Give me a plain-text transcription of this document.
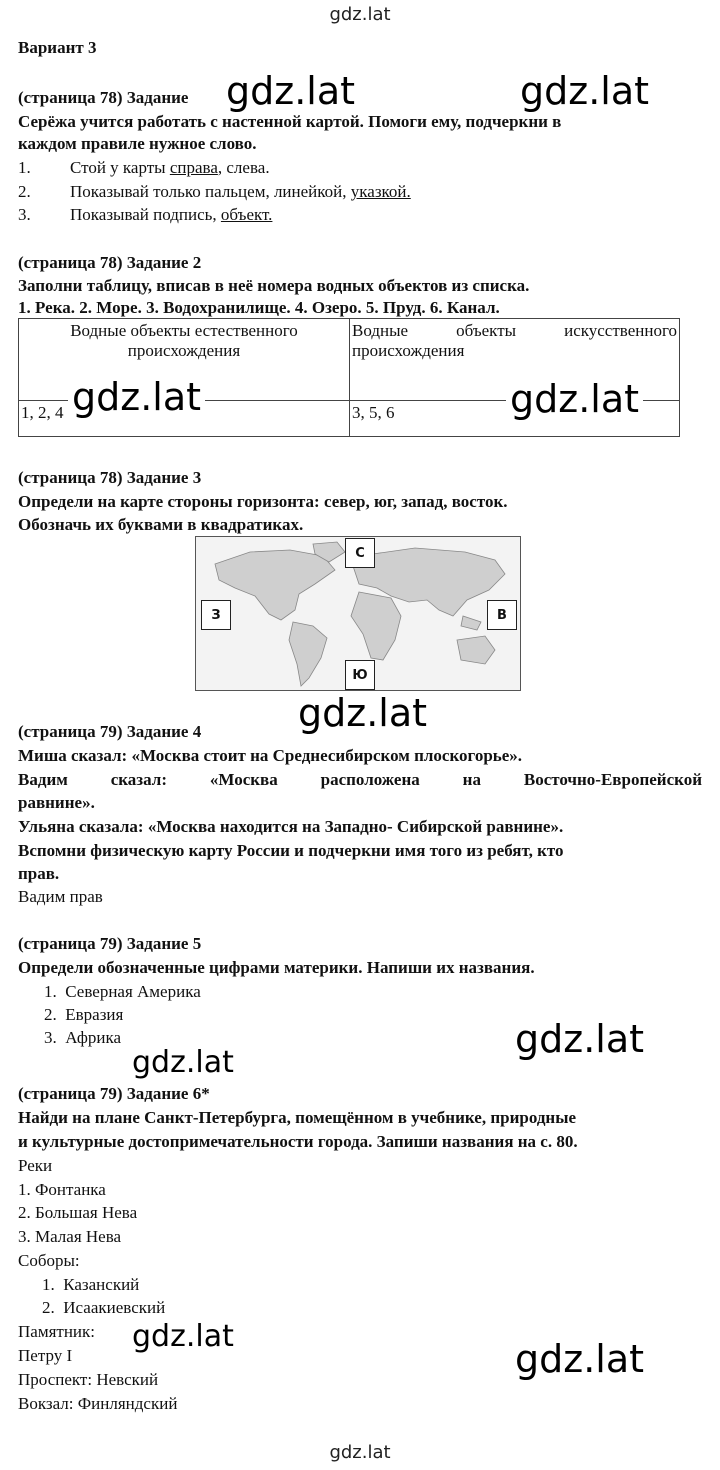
gdz.lat
Вариант 3
(страница 78) Задание
Серёжа учится работать с настенной картой. Помоги ему, подчеркни в
каждом правиле нужное слово.
1. Стой у карты справа, слева.
2. Показывай только пальцем, линейкой, указкой.
3. Показывай подпись, объект.
gdz.lat	gdz.lat
(страница 78) Задание 2
Заполни таблицу, вписав в неё номера водных объектов из списка.
1. Река. 2. Море. 3. Водохранилище. 4. Озеро. 5. Пруд. 6. Канал.
Водные объекты естественного происхождения	Водные объекты искусственного происхождения
1, 2, 4	3, 5, 6
gdz.lat	gdz.lat
(страница 78) Задание 3
Определи на карте стороны горизонта: север, юг, запад, восток.
Обозначь их буквами в квадратиках.
С
З	В
Ю
gdz.lat
(страница 79) Задание 4
Миша сказал: «Москва стоит на Среднесибирском плоскогорье».
Вадим сказал: «Москва расположена на Восточно-Европейской
равнине».
Ульяна сказала: «Москва находится на Западно- Сибирской равнине».
Вспомни физическую карту России и подчеркни имя того из ребят, кто
прав.
Вадим прав
(страница 79) Задание 5
Определи обозначенные цифрами материки. Напиши их названия.
1.  Северная Америка
2.  Евразия
3.  Африка	gdz.lat
gdz.lat
(страница 79) Задание 6*
Найди на плане Санкт-Петербурга, помещённом в учебнике, природные
и культурные достопримечательности города. Запиши названия на с. 80.
Реки
1. Фонтанка
2. Большая Нева
3. Малая Нева
Соборы:
1.  Казанский
2.  Исаакиевский
Памятник:
Петру I
Проспект: Невский
Вокзал: Финляндский
gdz.lat
gdz.lat
gdz.lat
